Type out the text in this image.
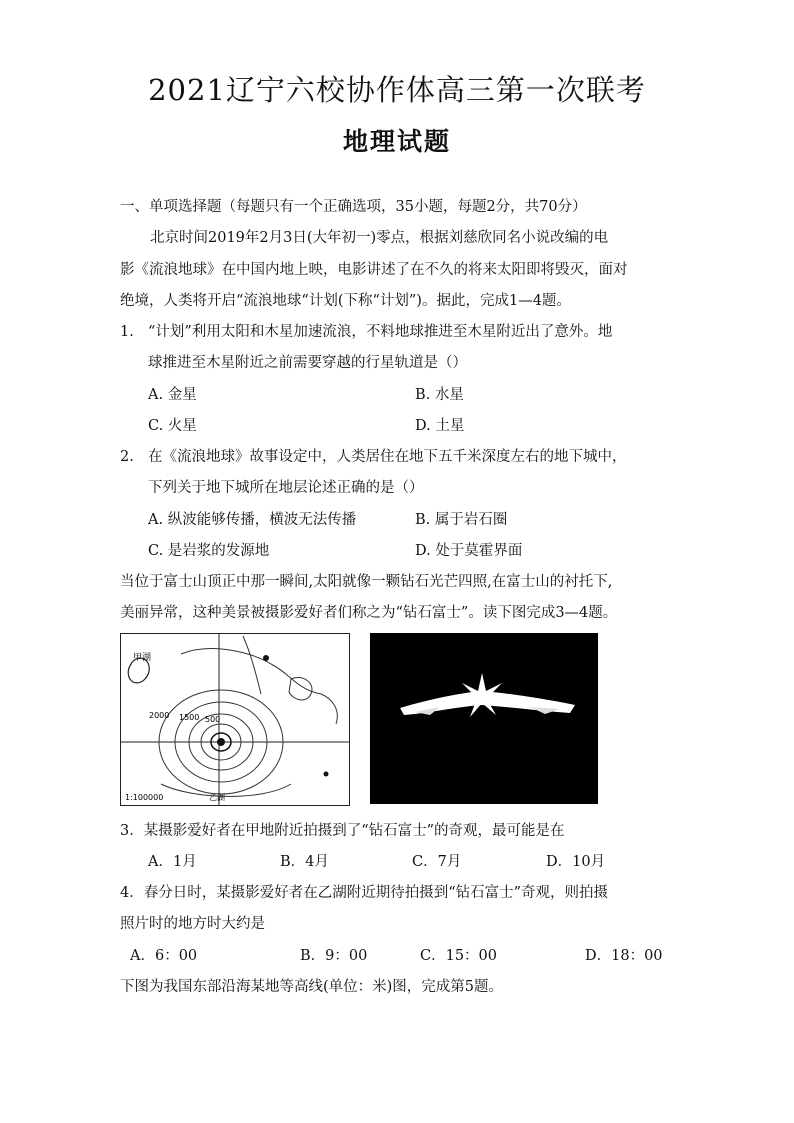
2021辽宁六校协作体高三第一次联考
地理试题
一、单项选择题（每题只有一个正确选项，35小题，每题2分，共70分）
北京时间2019年2月3日(大年初一)零点，根据刘慈欣同名小说改编的电
影《流浪地球》在中国内地上映，电影讲述了在不久的将来太阳即将毁灭，面对
绝境，人类将开启“流浪地球“计划(下称“计划”)。据此，完成1—4题。
1. “计划”利用太阳和木星加速流浪，不料地球推进至木星附近出了意外。地
球推进至木星附近之前需要穿越的行星轨道是（）
A. 金星	B. 水星
C. 火星	D. 土星
2. 在《流浪地球》故事设定中，人类居住在地下五千米深度左右的地下城中，
下列关于地下城所在地层论述正确的是（）
A. 纵波能够传播，横波无法传播	B. 属于岩石圈
C. 是岩浆的发源地	D. 处于莫霍界面
当位于富士山顶正中那一瞬间,太阳就像一颗钻石光芒四照,在富士山的衬托下,
美丽异常，这种美景被摄影爱好者们称之为“钻石富士”。读下图完成3—4题。
甲湖
2000 1500 500
1:100000	乙湖
3．某摄影爱好者在甲地附近拍摄到了“钻石富士”的奇观，最可能是在
A．1月	B．4月	C．7月	D．10月
4．春分日时，某摄影爱好者在乙湖附近期待拍摄到“钻石富士”奇观，则拍摄
照片时的地方时大约是
A．6：00	B．9：00	C．15：00	D．18：00
下图为我国东部沿海某地等高线(单位：米)图，完成第5题。
